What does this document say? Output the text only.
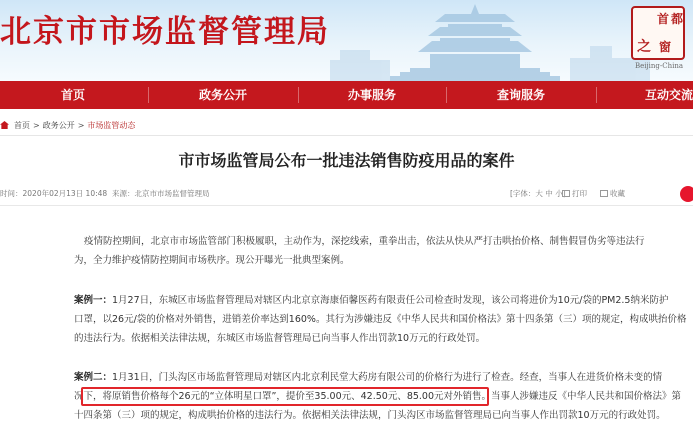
北京市市场监督管理局	首 都
之 窗
Beijing-China
首页	政务公开	办事服务	查询服务	互动交流
首页 > 政务公开 > 市场监管动态
市市场监管局公布一批违法销售防疫用品的案件
时间：2020年02月13日 10:48 来源：北京市市场监督管理局	[字体：大 中 小] 打印	收藏
疫情防控期间，北京市市场监管部门积极履职，主动作为，深挖线索，重拳出击，依法从快从严打击哄抬价格、制售假冒伪劣等违法行
为，全力维护疫情防控期间市场秩序。现公开曝光一批典型案例。
案例一：1月27日，东城区市场监督管理局对辖区内北京京海康佰馨医药有限责任公司检查时发现，该公司将进价为10元/袋的PM2.5纳米防护
口罩，以26元/袋的价格对外销售，进销差价率达到160%。其行为涉嫌违反《中华人民共和国价格法》第十四条第（三）项的规定，构成哄抬价格
的违法行为。依据相关法律法规，东城区市场监督管理局已向当事人作出罚款10万元的行政处罚。
案例二：1月31日，门头沟区市场监督管理局对辖区内北京利民堂大药房有限公司的价格行为进行了检查。经查，当事人在进货价格未变的情
况下，将原销售价格每个26元的“立体明星口罩”，提价至35.00元、42.50元、85.00元对外销售。当事人涉嫌违反《中华人民共和国价格法》第
十四条第（三）项的规定，构成哄抬价格的违法行为。依据相关法律法规，门头沟区市场监督管理局已向当事人作出罚款10万元的行政处罚。
